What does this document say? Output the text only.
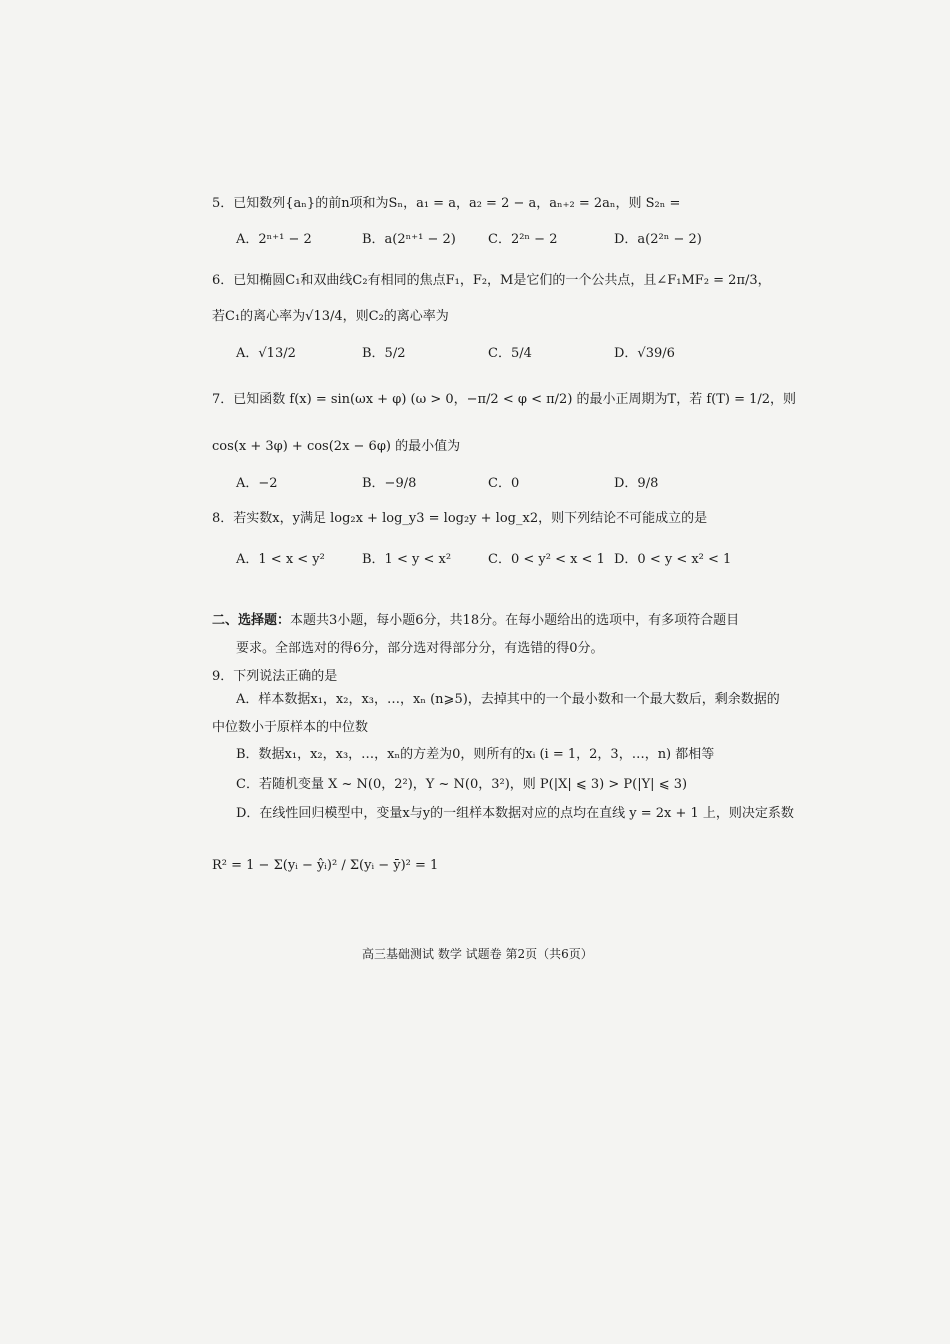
5．已知数列{aₙ}的前n项和为Sₙ，a₁ = a，a₂ = 2 − a，aₙ₊₂ = 2aₙ，则 S₂ₙ =
A．2ⁿ⁺¹ − 2	B．a(2ⁿ⁺¹ − 2) C．2²ⁿ − 2	D．a(2²ⁿ − 2)
6．已知椭圆C₁和双曲线C₂有相同的焦点F₁，F₂，M是它们的一个公共点，且∠F₁MF₂ = 2π/3，
若C₁的离心率为√13/4，则C₂的离心率为
A．√13/2	B．5/2	C．5/4	D．√39/6
7．已知函数 f(x) = sin(ωx + φ) (ω > 0，−π/2 < φ < π/2) 的最小正周期为T，若 f(T) = 1/2，则
cos(x + 3φ) + cos(2x − 6φ) 的最小值为
A．−2	B．−9/8	C．0	D．9/8
8．若实数x，y满足 log₂x + log_y3 = log₂y + log_x2，则下列结论不可能成立的是
A．1 < x < y²	B．1 < y < x²	C．0 < y² < x < 1 D．0 < y < x² < 1
二、选择题：本题共3小题，每小题6分，共18分。在每小题给出的选项中，有多项符合题目
要求。全部选对的得6分，部分选对得部分分，有选错的得0分。
9．下列说法正确的是
A．样本数据x₁，x₂，x₃，…，xₙ (n⩾5)，去掉其中的一个最小数和一个最大数后，剩余数据的
中位数小于原样本的中位数
B．数据x₁，x₂，x₃，…，xₙ的方差为0，则所有的xᵢ (i = 1，2，3，…，n) 都相等
C．若随机变量 X ~ N(0，2²)，Y ~ N(0，3²)，则 P(|X| ⩽ 3) > P(|Y| ⩽ 3)
D．在线性回归模型中，变量x与y的一组样本数据对应的点均在直线 y = 2x + 1 上，则决定系数
R² = 1 − Σ(yᵢ − ŷᵢ)² / Σ(yᵢ − ȳ)² = 1
高三基础测试 数学 试题卷 第2页（共6页）
